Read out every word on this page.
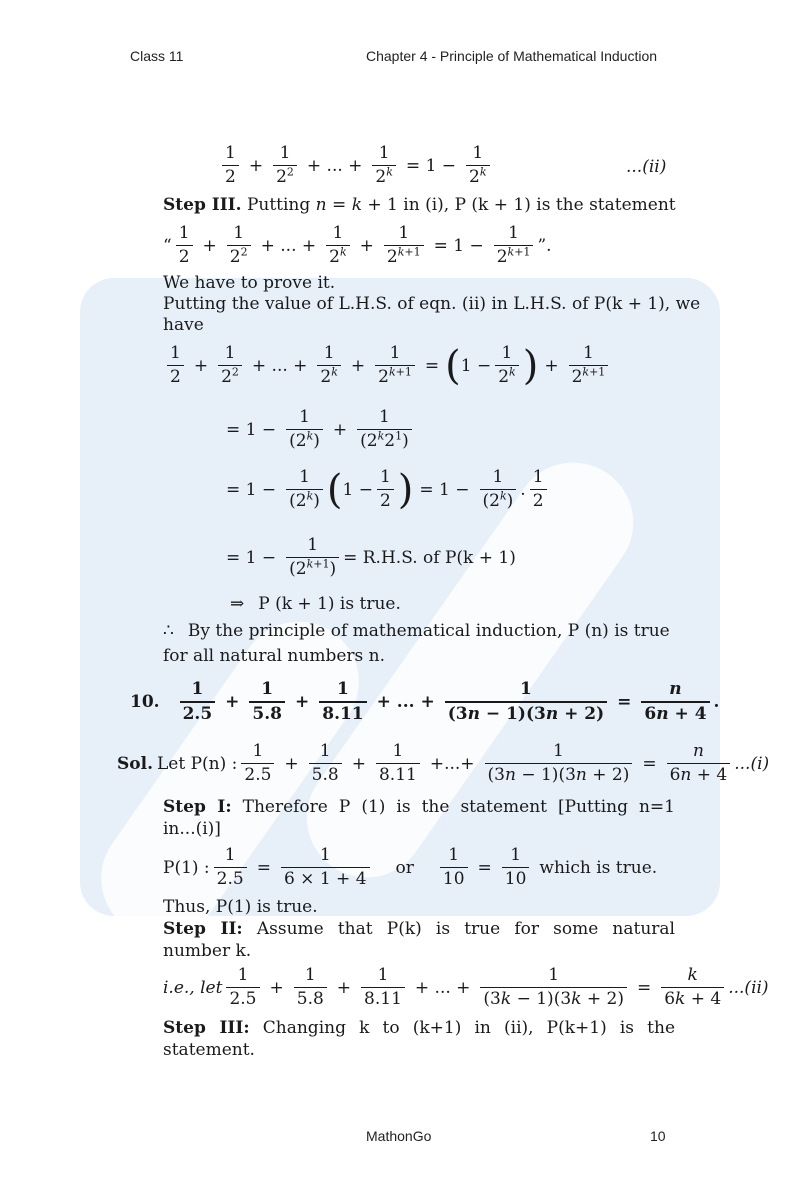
Class 11	Chapter 4 - Principle of Mathematical Induction
$\frac{1}{2} + \frac{1}{2^2}$ + ... + $\frac{1}{2^k} = 1 - \frac{1}{2^k}$	...(ii)
Step III. Putting n = k + 1 in (i), P (k + 1) is the statement
“ $\frac{1}{2} + \frac{1}{2^2}$ + ... + $\frac{1}{2^k} + \frac{1}{2^{k+1}} = 1 - \frac{1}{2^{k+1}}$ ”.
We have to prove it.
Putting the value of L.H.S. of eqn. (ii) in L.H.S. of P(k + 1), we
have
$\frac{1}{2} + \frac{1}{2^2}$ + ... + $\frac{1}{2^k} + \frac{1}{2^{k+1}}$ = ( $1 - \frac{1}{2^k}$ ) + $\frac{1}{2^{k+1}}$
= $1 - \frac{1}{(2^k)} + \frac{1}{(2^k2^1)}$
= $1 - \frac{1}{(2^k)}$ ( $1 - \frac{1}{2}$ ) = $1 - \frac{1}{(2^k)}$ . $\frac{1}{2}$
= $1 - \frac{1}{(2^{k+1})} = R.H.S$. of P(k + 1)
⇒ P (k + 1) is true.
∴ By the principle of mathematical induction, P (n) is true
for all natural numbers n.
10. $\frac{1}{2.5} + \frac{1}{5.8} + \frac{1}{8.11}$ + ... + $\frac{1}{(3n - 1)(3n + 2)} = \frac{n}{6n + 4}$ .
Sol. Let P(n) : $\frac{1}{2.5} + \frac{1}{5.8} + \frac{1}{8.11}$ +...+ $\frac{1}{(3n - 1)(3n + 2)} = \frac{n}{6n + 4} ...(i)$
Step I: Therefore P (1) is the statement [Putting n=1
in...(i)]
P(1) : $\frac{1}{2.5} = \frac{1}{6 \times 1 + 4}$ or $\frac{1}{10} = \frac{1}{10}$ which is true.
Thus, P(1) is true.
Step II: Assume that P(k) is true for some natural
number k.
i.e., let $\frac{1}{2.5} + \frac{1}{5.8} + \frac{1}{8.11}$ + ... + $\frac{1}{(3k - 1)(3k + 2)} = \frac{k}{6k + 4} ...(ii)$
Step III: Changing k to (k+1) in (ii), P(k+1) is the
statement.
MathonGo	10
